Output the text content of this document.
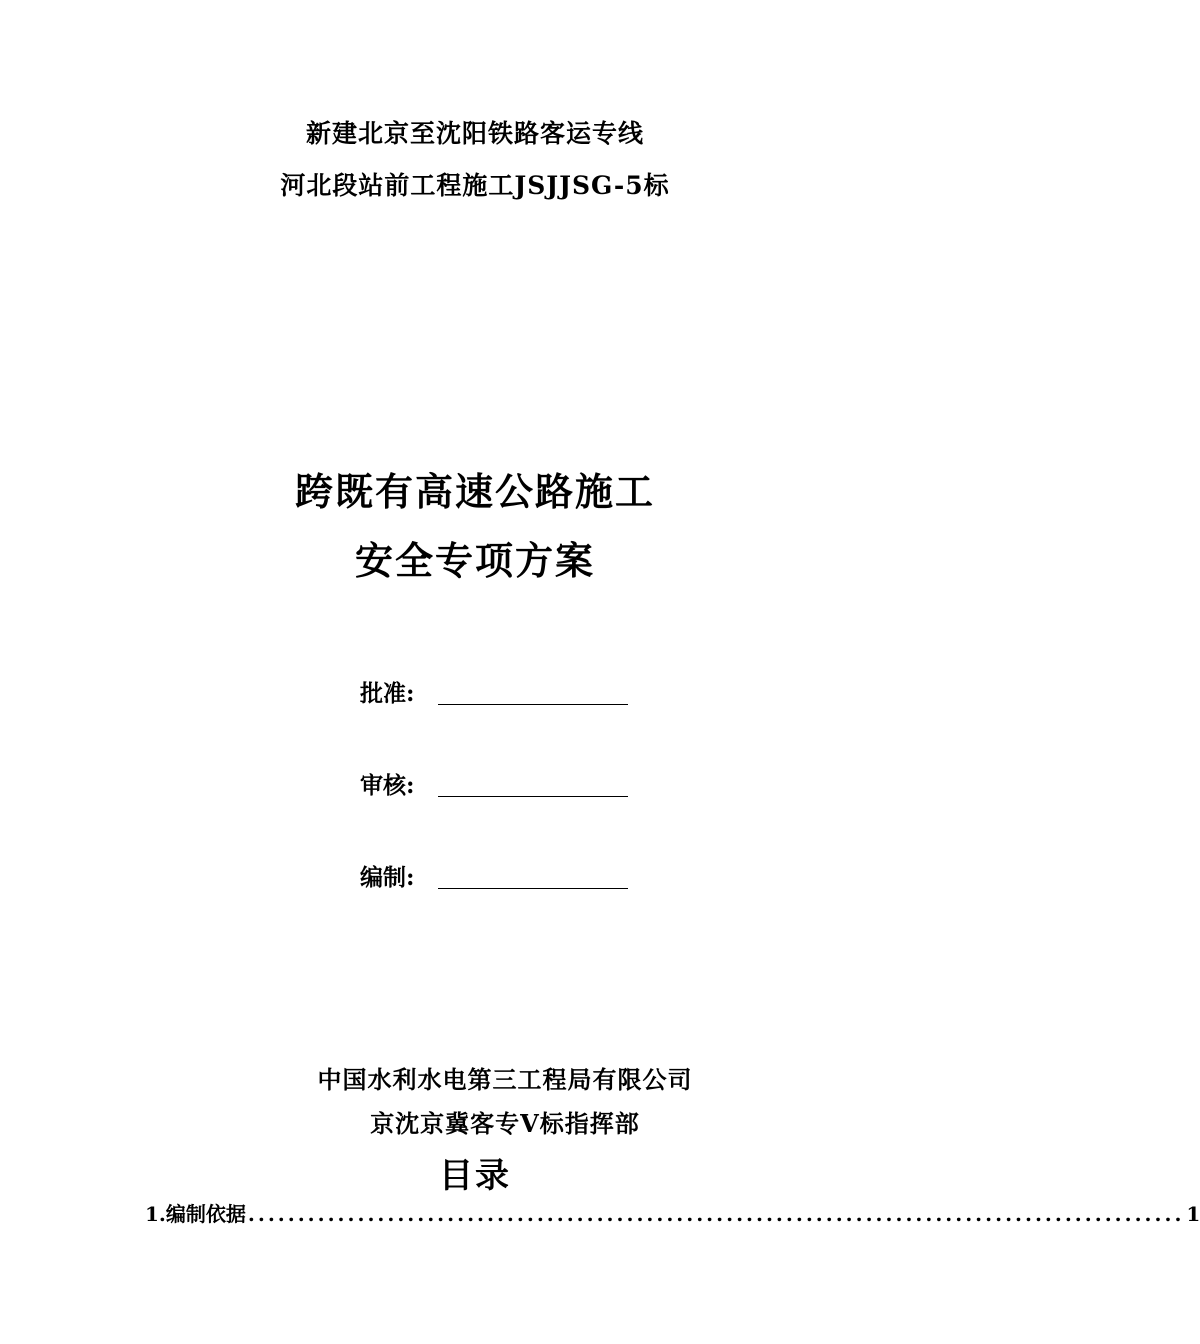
新建北京至沈阳铁路客运专线
河北段站前工程施工JSJJSG-5标
跨既有高速公路施工
安全专项方案
批准:
审核:
编制:
中国水利水电第三工程局有限公司
京沈京冀客专V标指挥部
目录
1.编制依据 .............................................................................................. 1
